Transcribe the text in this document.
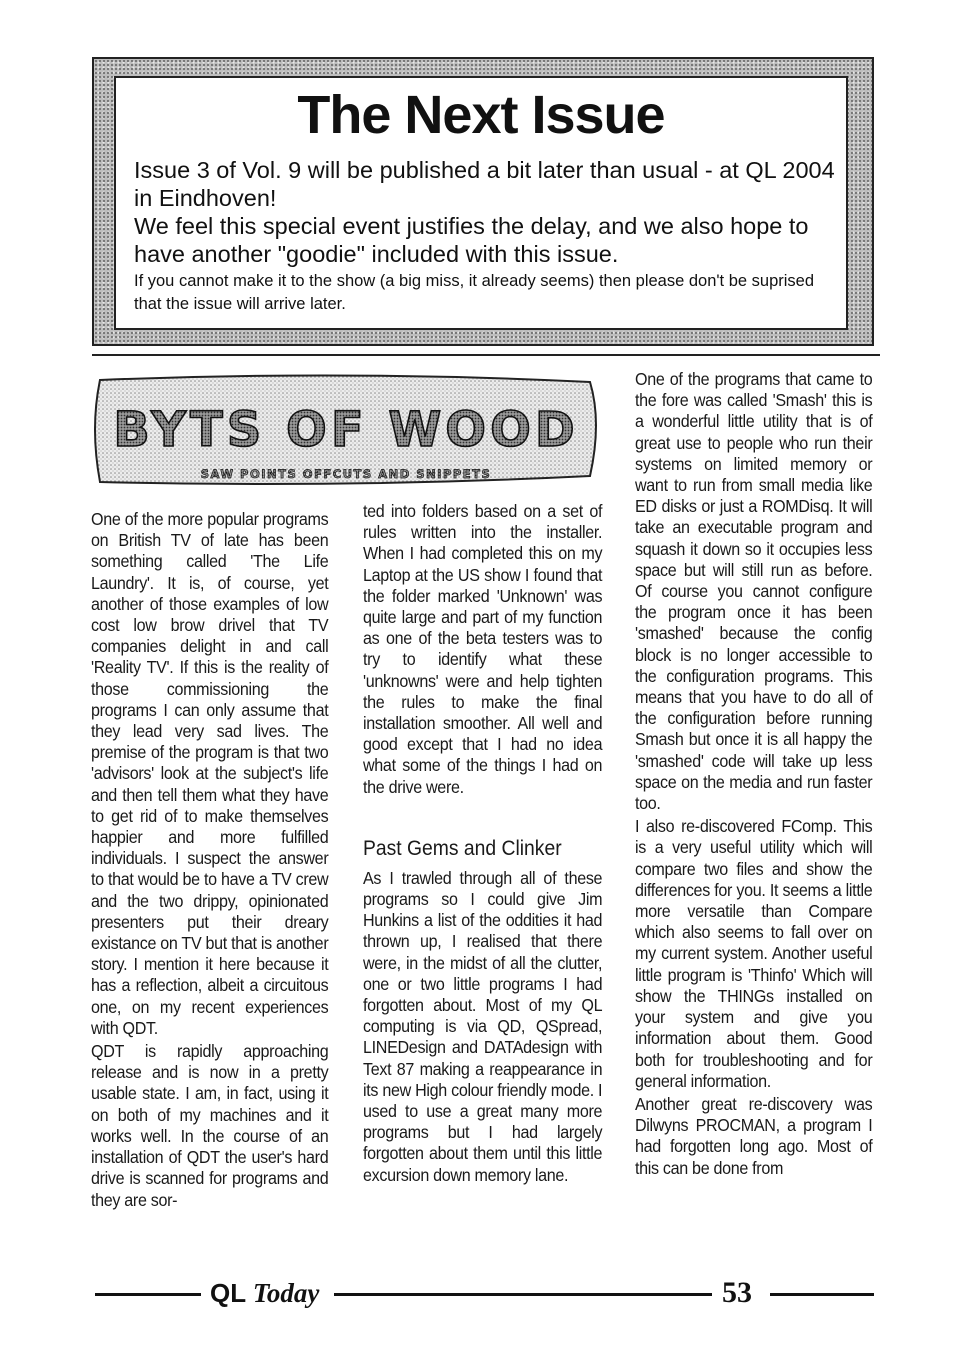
The Next Issue

Issue 3 of Vol. 9 will be published a bit later than usual - at QL 2004 in Eindhoven!

We feel this special event justifies the delay, and we also hope to have another "goodie" included with this issue.

If you cannot make it to the show (a big miss, it already seems) then please don't be suprised that the issue will arrive later.

BYTS OF WOOD
SAW POINTS OFFCUTS AND SNIPPETS

One of the more popular programs on British TV of late has been something called 'The Life Laundry'. It is, of course, yet another of those examples of low cost low brow drivel that TV companies delight in and call 'Reality TV'. If this is the reality of those commissioning the programs I can only assume that they lead very sad lives. The premise of the program is that two 'advisors' look at the subject's life and then tell them what they have to get rid of to make themselves happier and more fulfilled individuals. I suspect the answer to that would be to have a TV crew and the two drippy, opinionated presenters put their dreary existance on TV but that is another story. I mention it here because it has a reflection, albeit a circuitous one, on my recent experiences with QDT.

QDT is rapidly approaching release and is now in a pretty usable state. I am, in fact, using it on both of my machines and it works well. In the course of an installation of QDT the user's hard drive is scanned for programs and they are sor-

ted into folders based on a set of rules written into the installer. When I had completed this on my Laptop at the US show I found that the folder marked 'Unknown' was quite large and part of my function as one of the beta testers was to try to identify what these 'unknowns' were and help tighten the rules to make the final installation smoother. All well and good except that I had no idea what some of the things I had on the drive were.

Past Gems and Clinker

As I trawled through all of these programs so I could give Jim Hunkins a list of the oddities it had thrown up, I realised that there were, in the midst of all the clutter, one or two little programs I had forgotten about. Most of my QL computing is via QD, QSpread, LINEDesign and DATAdesign with Text 87 making a reappearance in its new High colour friendly mode. I used to use a great many more programs but I had largely forgotten about them until this little excursion down memory lane.

One of the programs that came to the fore was called 'Smash' this is a wonderful little utility that is of great use to people who run their systems on limited memory or want to run from small media like ED disks or just a ROMDisq. It will take an executable program and squash it down so it occupies less space but will still run as before. Of course you cannot configure the program once it has been 'smashed' because the config block is no longer accessible to the configuration programs. This means that you have to do all of the configuration before running Smash but once it is all happy the 'smashed' code will take up less space on the media and run faster too.

I also re-discovered FComp. This is a very useful utility which will compare two files and show the differences for you. It seems a little more versatile than Compare which also seems to fall over on my current system. Another useful little program is 'Thinfo' Which will show the THINGs installed on your system and give you information about them. Good both for troubleshooting and for general information.

Another great re-discovery was Dilwyns PROCMAN, a program I had forgotten long ago. Most of this can be done from

QL Today	53
